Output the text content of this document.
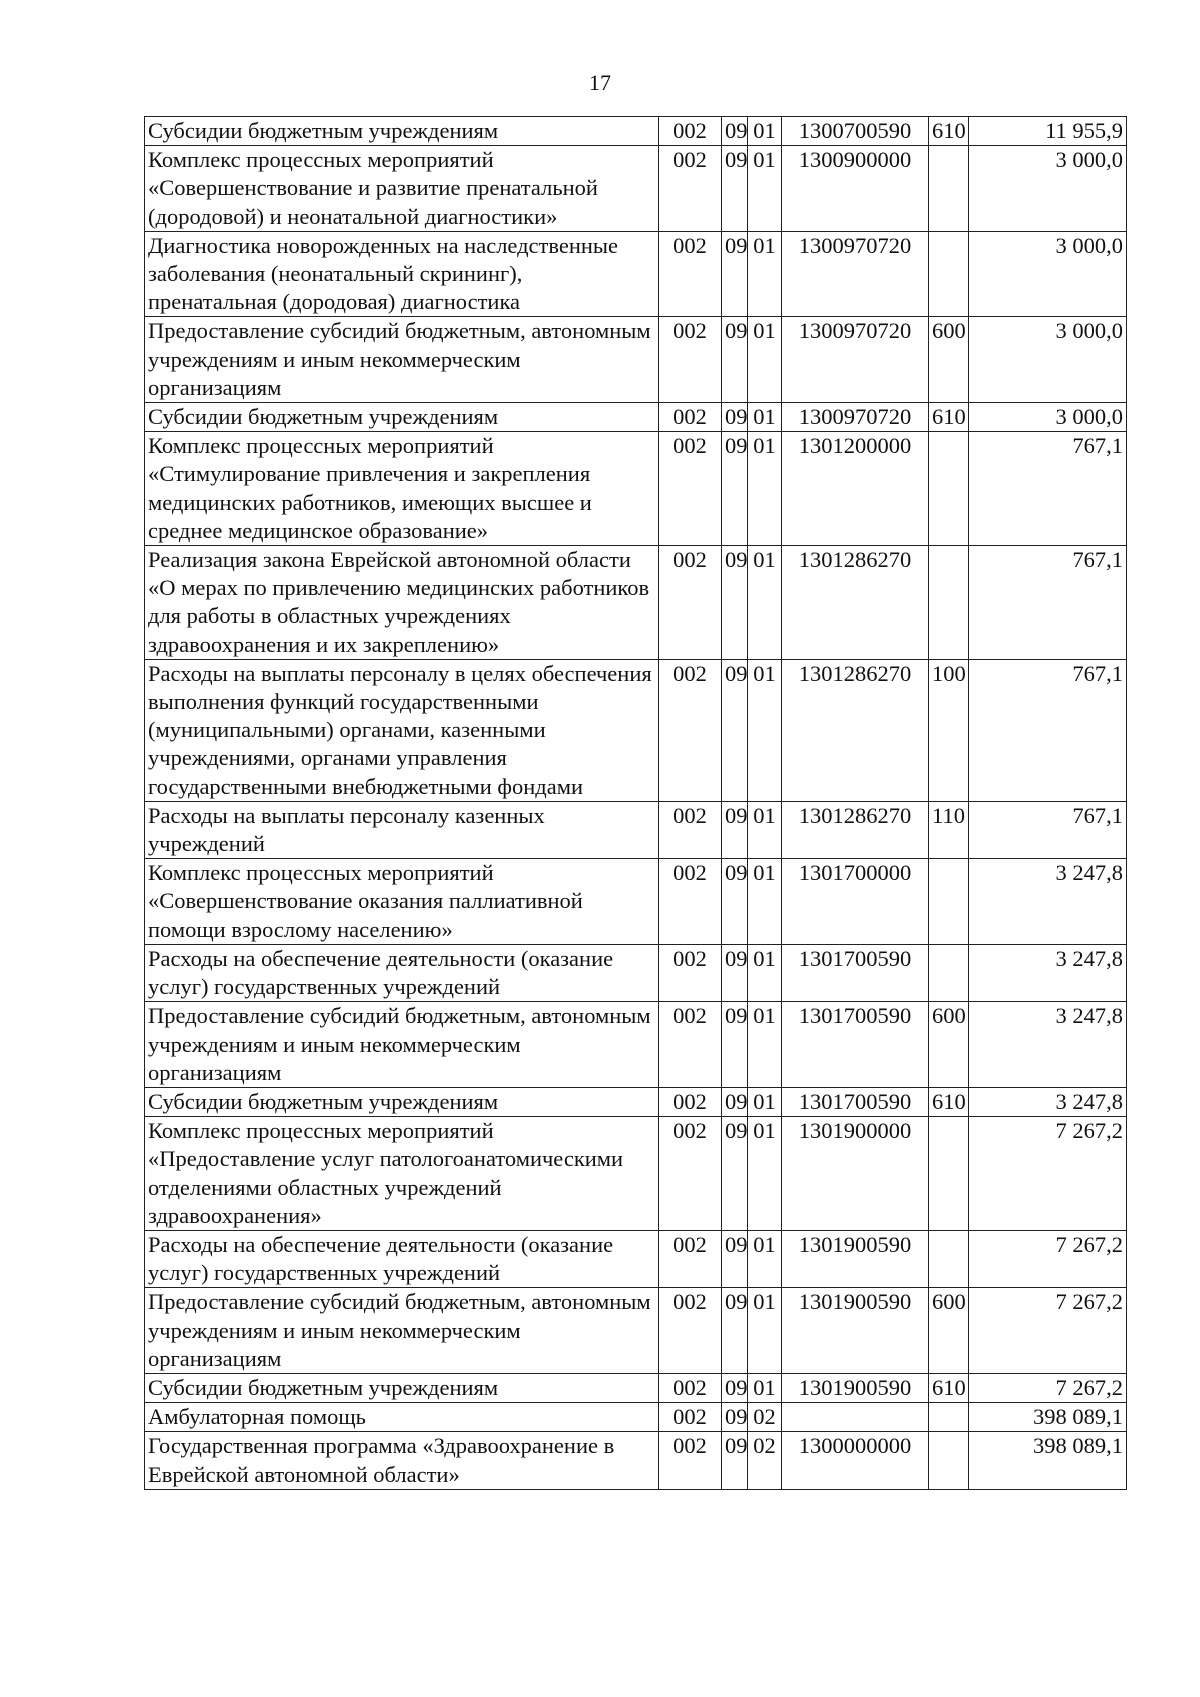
17
Субсидии бюджетным учреждениям	002	09	01	1300700590	610	11 955,9
Комплекс процессных мероприятий «Совершенствование и развитие пренатальной (дородовой) и неонатальной диагностики»	002	09	01	1300900000		3 000,0
Диагностика новорожденных на наследственные заболевания (неонатальный скрининг), пренатальная (дородовая) диагностика	002	09	01	1300970720		3 000,0
Предоставление субсидий бюджетным, автономным учреждениям и иным некоммерческим организациям	002	09	01	1300970720	600	3 000,0
Субсидии бюджетным учреждениям	002	09	01	1300970720	610	3 000,0
Комплекс процессных мероприятий «Стимулирование привлечения и закрепления медицинских работников, имеющих высшее и среднее медицинское образование»	002	09	01	1301200000		767,1
Реализация закона Еврейской автономной области «О мерах по привлечению медицинских работников для работы в областных учреждениях здравоохранения и их закреплению»	002	09	01	1301286270		767,1
Расходы на выплаты персоналу в целях обеспечения выполнения функций государственными (муниципальными) органами, казенными учреждениями, органами управления государственными внебюджетными фондами	002	09	01	1301286270	100	767,1
Расходы на выплаты персоналу казенных учреждений	002	09	01	1301286270	110	767,1
Комплекс процессных мероприятий «Совершенствование оказания паллиативной помощи взрослому населению»	002	09	01	1301700000		3 247,8
Расходы на обеспечение деятельности (оказание услуг) государственных учреждений	002	09	01	1301700590		3 247,8
Предоставление субсидий бюджетным, автономным учреждениям и иным некоммерческим организациям	002	09	01	1301700590	600	3 247,8
Субсидии бюджетным учреждениям	002	09	01	1301700590	610	3 247,8
Комплекс процессных мероприятий «Предоставление услуг патологоанатомическими отделениями областных учреждений здравоохранения»	002	09	01	1301900000		7 267,2
Расходы на обеспечение деятельности (оказание услуг) государственных учреждений	002	09	01	1301900590		7 267,2
Предоставление субсидий бюджетным, автономным учреждениям и иным некоммерческим организациям	002	09	01	1301900590	600	7 267,2
Субсидии бюджетным учреждениям	002	09	01	1301900590	610	7 267,2
Амбулаторная помощь	002	09	02			398 089,1
Государственная программа «Здравоохранение в Еврейской автономной области»	002	09	02	1300000000		398 089,1
